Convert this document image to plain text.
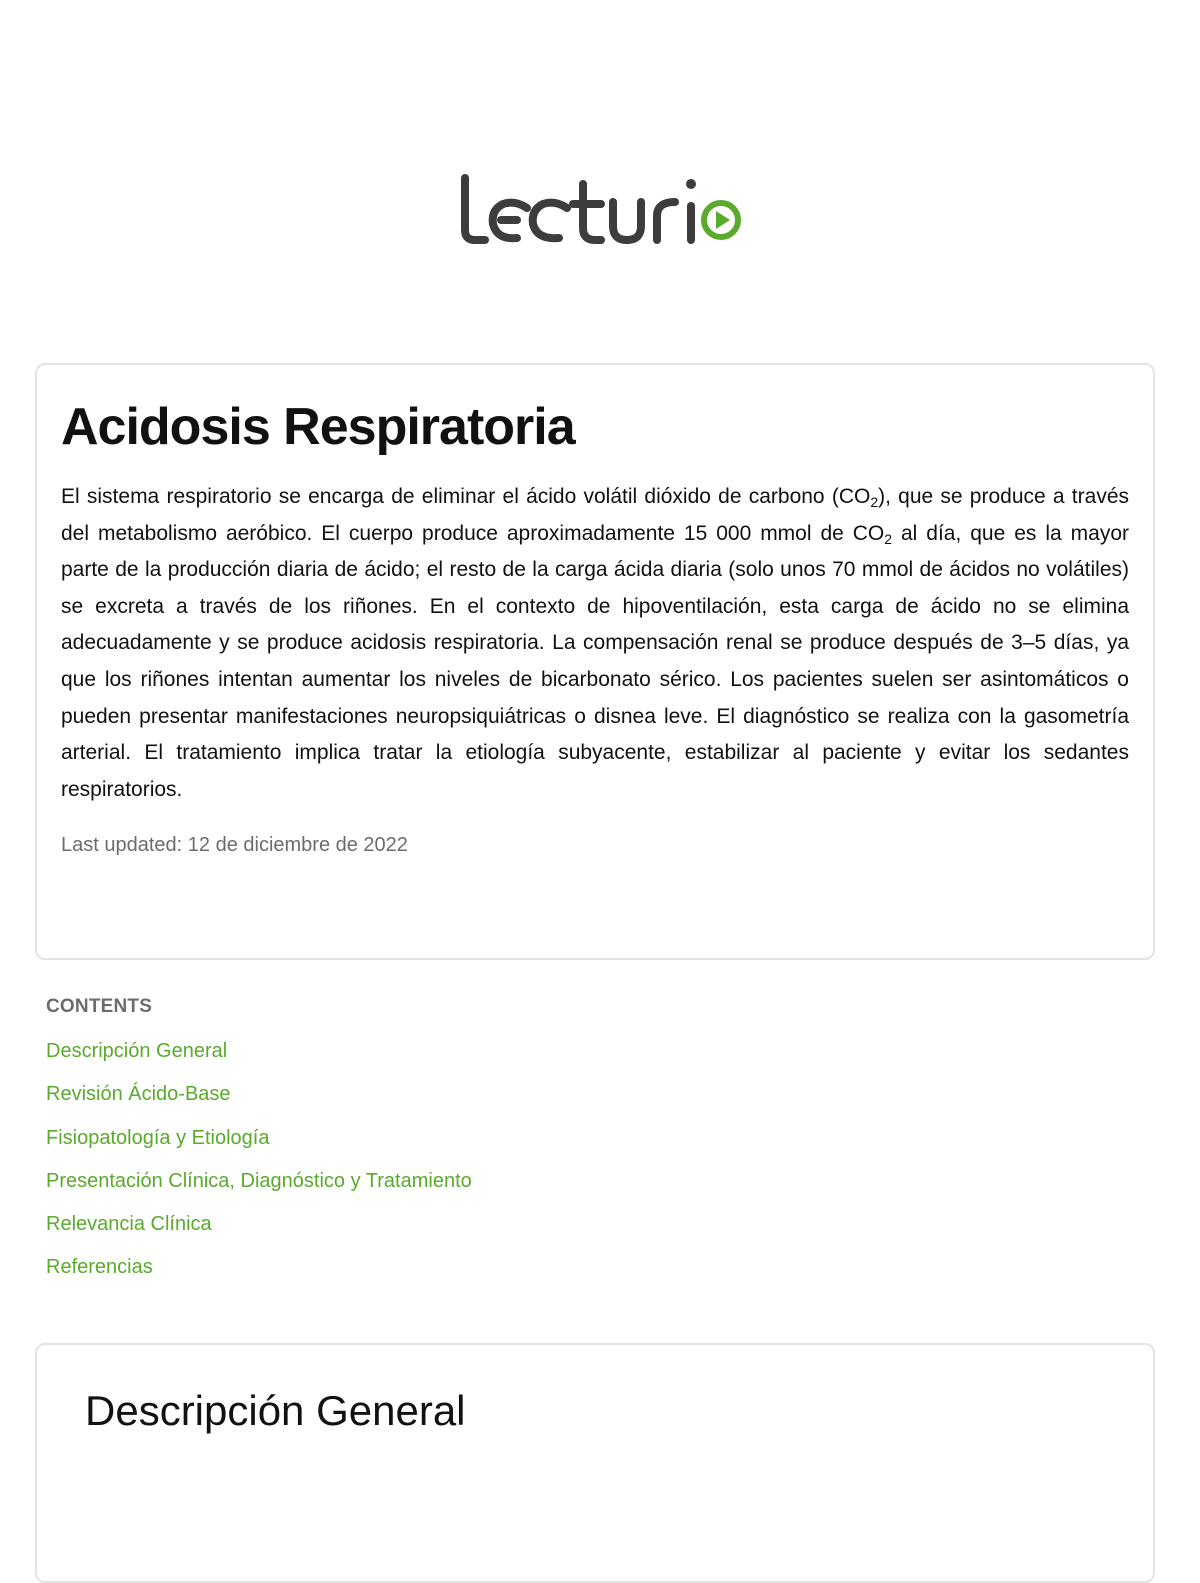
Acidosis Respiratoria

El sistema respiratorio se encarga de eliminar el ácido volátil dióxido de carbono $(CO_2)$, que se produce a través del metabolismo aeróbico. El cuerpo produce aproximadamente 15 000 mmol de $CO_2$ al día, que es la mayor parte de la producción diaria de ácido; el resto de la carga ácida diaria (solo unos 70 mmol de ácidos no volátiles) se excreta a través de los riñones. En el contexto de hipoventilación, esta carga de ácido no se elimina adecuadamente y se produce acidosis respiratoria. La compensación renal se produce después de 3–5 días, ya que los riñones intentan aumentar los niveles de bicarbonato sérico. Los pacientes suelen ser asintomáticos o pueden presentar manifestaciones neuropsiquiátricas o disnea leve. El diagnóstico se realiza con la gasometría arterial. El tratamiento implica tratar la etiología subyacente, estabilizar al paciente y evitar los sedantes respiratorios.

Last updated: 12 de diciembre de 2022
CONTENTS
Descripción General
Revisión Ácido-Base
Fisiopatología y Etiología
Presentación Clínica, Diagnóstico y Tratamiento
Relevancia Clínica
Referencias
Descripción General
